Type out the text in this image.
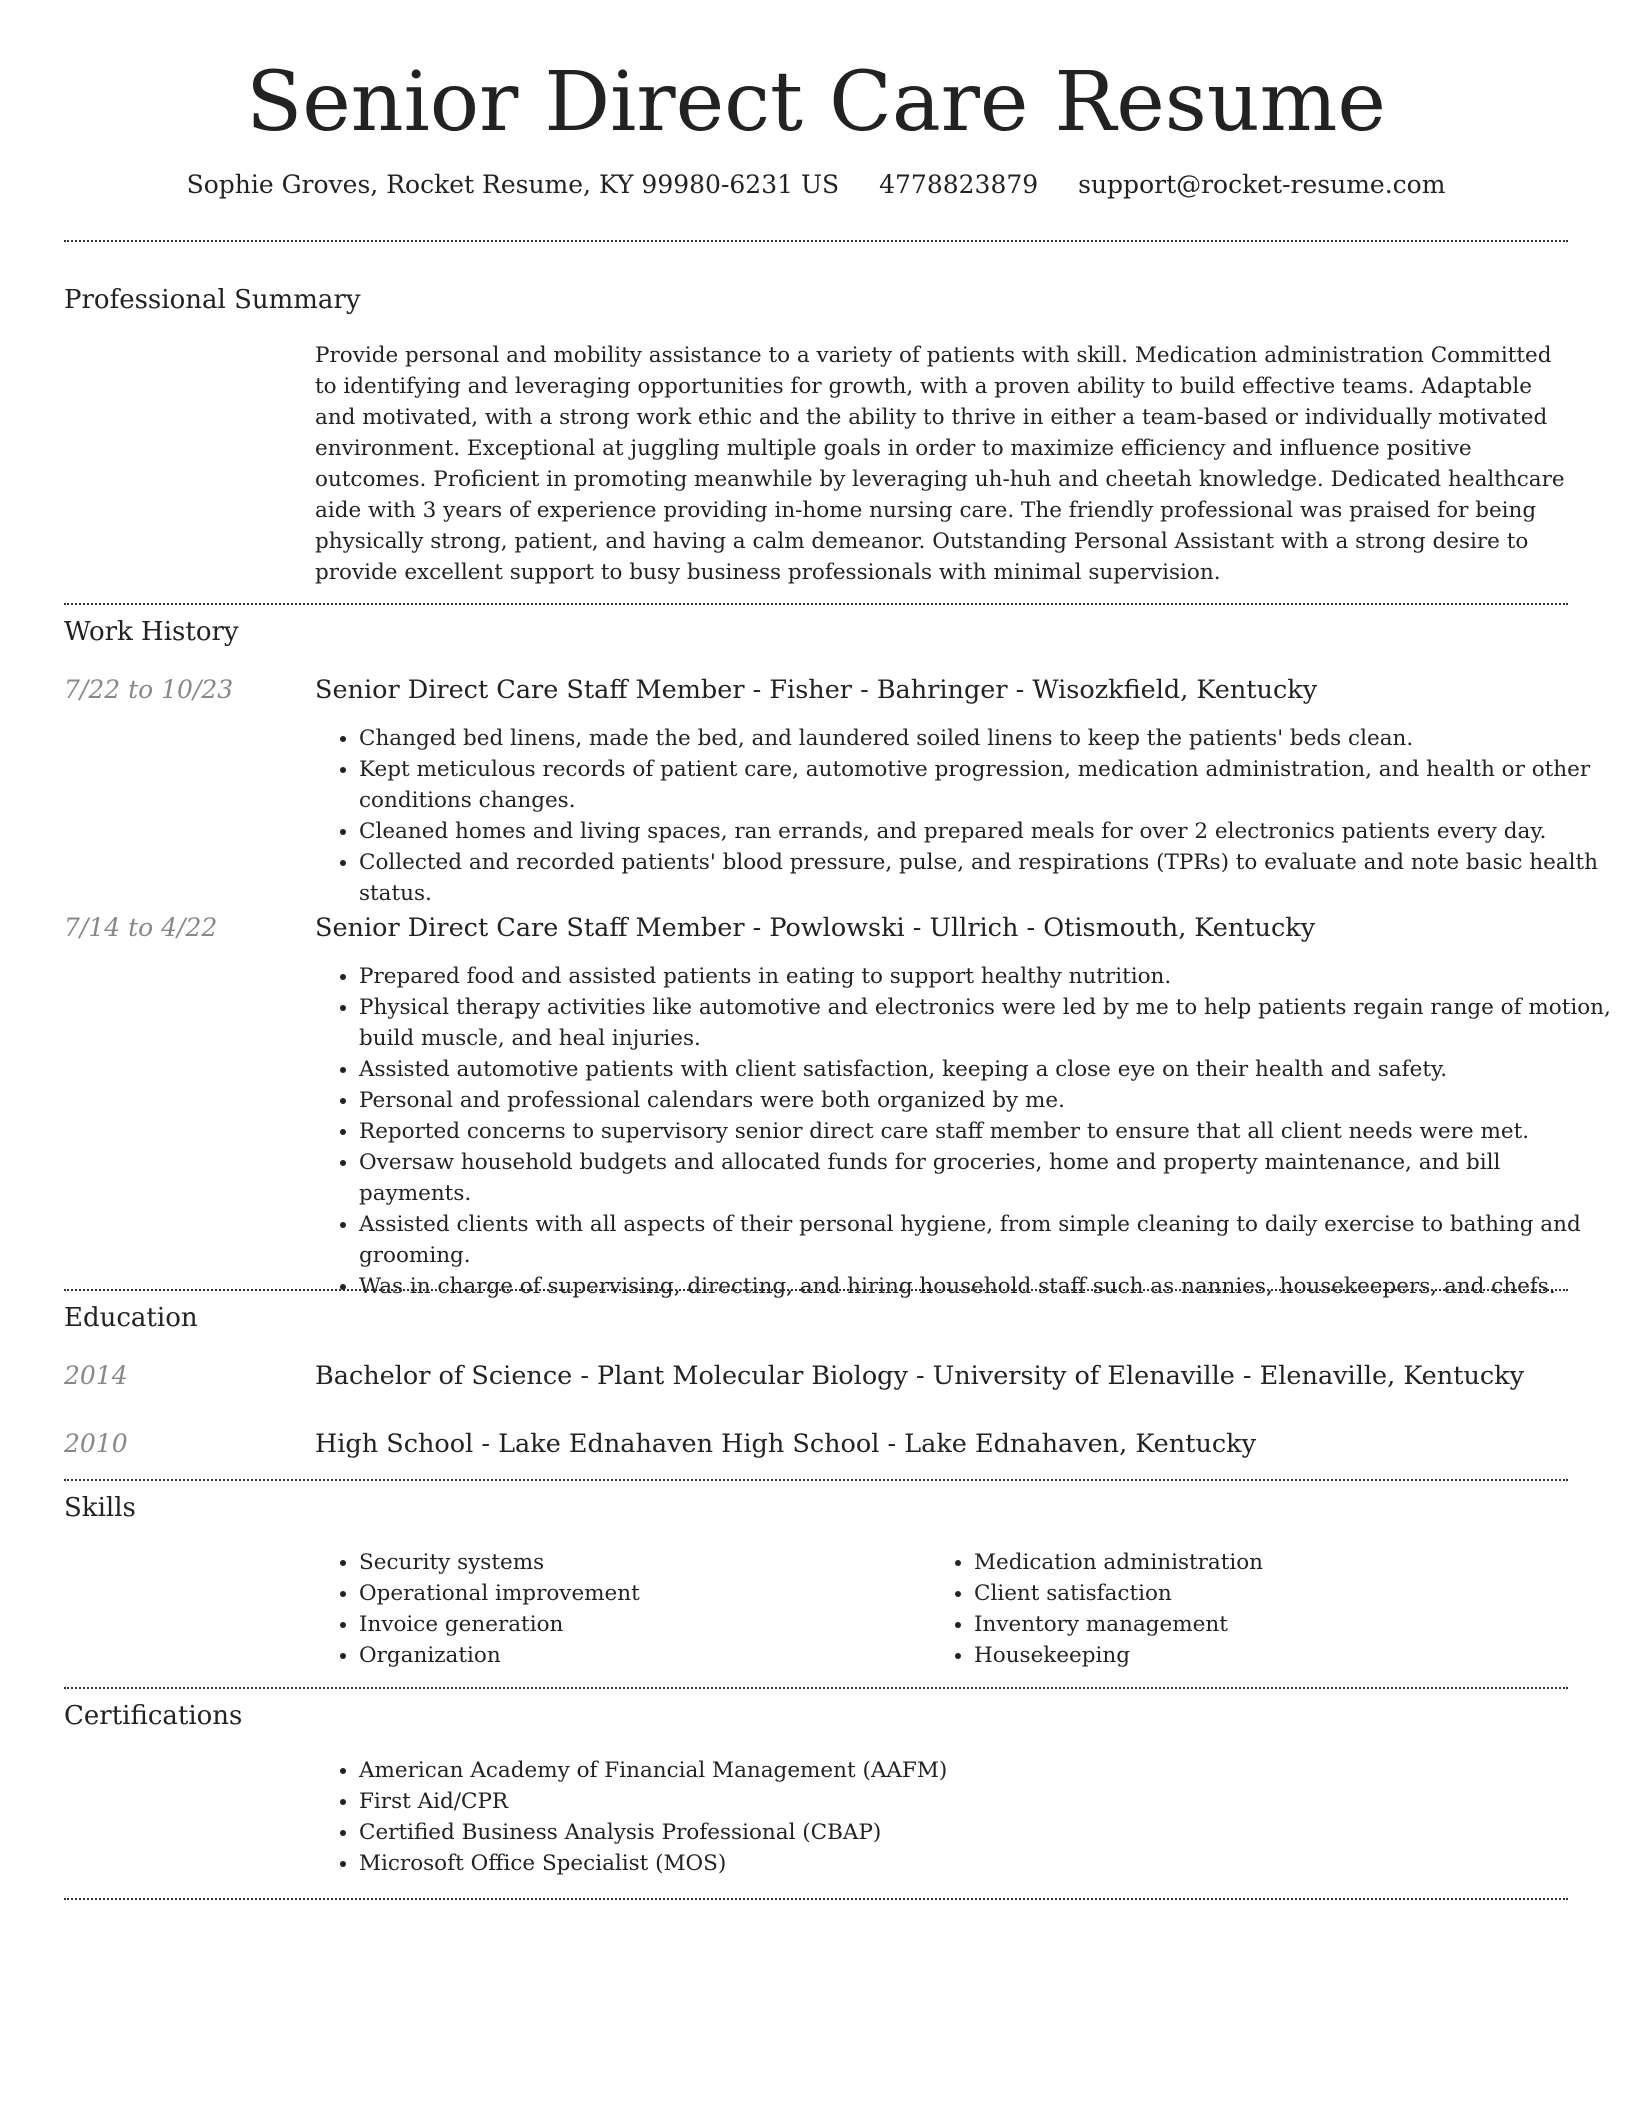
Senior Direct Care Resume
Sophie Groves, Rocket Resume, KY 99980-6231 US 4778823879 support@rocket-resume.com
Professional Summary

Provide personal and mobility assistance to a variety of patients with skill. Medication administration Committed to identifying and leveraging opportunities for growth, with a proven ability to build effective teams. Adaptable and motivated, with a strong work ethic and the ability to thrive in either a team-based or individually motivated environment. Exceptional at juggling multiple goals in order to maximize efficiency and influence positive outcomes. Proficient in promoting meanwhile by leveraging uh-huh and cheetah knowledge. Dedicated healthcare aide with 3 years of experience providing in-home nursing care. The friendly professional was praised for being physically strong, patient, and having a calm demeanor. Outstanding Personal Assistant with a strong desire to provide excellent support to busy business professionals with minimal supervision.

Work History
7/22 to 10/23	Senior Direct Care Staff Member - Fisher - Bahringer - Wisozkfield, Kentucky
• Changed bed linens, made the bed, and laundered soiled linens to keep the patients' beds clean.
• Kept meticulous records of patient care, automotive progression, medication administration, and health or other conditions changes.
• Cleaned homes and living spaces, ran errands, and prepared meals for over 2 electronics patients every day.
• Collected and recorded patients' blood pressure, pulse, and respirations (TPRs) to evaluate and note basic health status.
7/14 to 4/22	Senior Direct Care Staff Member - Powlowski - Ullrich - Otismouth, Kentucky
• Prepared food and assisted patients in eating to support healthy nutrition.
• Physical therapy activities like automotive and electronics were led by me to help patients regain range of motion, build muscle, and heal injuries.
• Assisted automotive patients with client satisfaction, keeping a close eye on their health and safety.
• Personal and professional calendars were both organized by me.
• Reported concerns to supervisory senior direct care staff member to ensure that all client needs were met.
• Oversaw household budgets and allocated funds for groceries, home and property maintenance, and bill payments.
• Assisted clients with all aspects of their personal hygiene, from simple cleaning to daily exercise to bathing and grooming.
• Was in charge of supervising, directing, and hiring household staff such as nannies, housekeepers, and chefs.
Education
2014	Bachelor of Science - Plant Molecular Biology - University of Elenaville - Elenaville, Kentucky
2010	High School - Lake Ednahaven High School - Lake Ednahaven, Kentucky
Skills
• Security systems
• Operational improvement
• Invoice generation
• Organization
• Medication administration
• Client satisfaction
• Inventory management
• Housekeeping
Certifications
• American Academy of Financial Management (AAFM)
• First Aid/CPR
• Certified Business Analysis Professional (CBAP)
• Microsoft Office Specialist (MOS)
